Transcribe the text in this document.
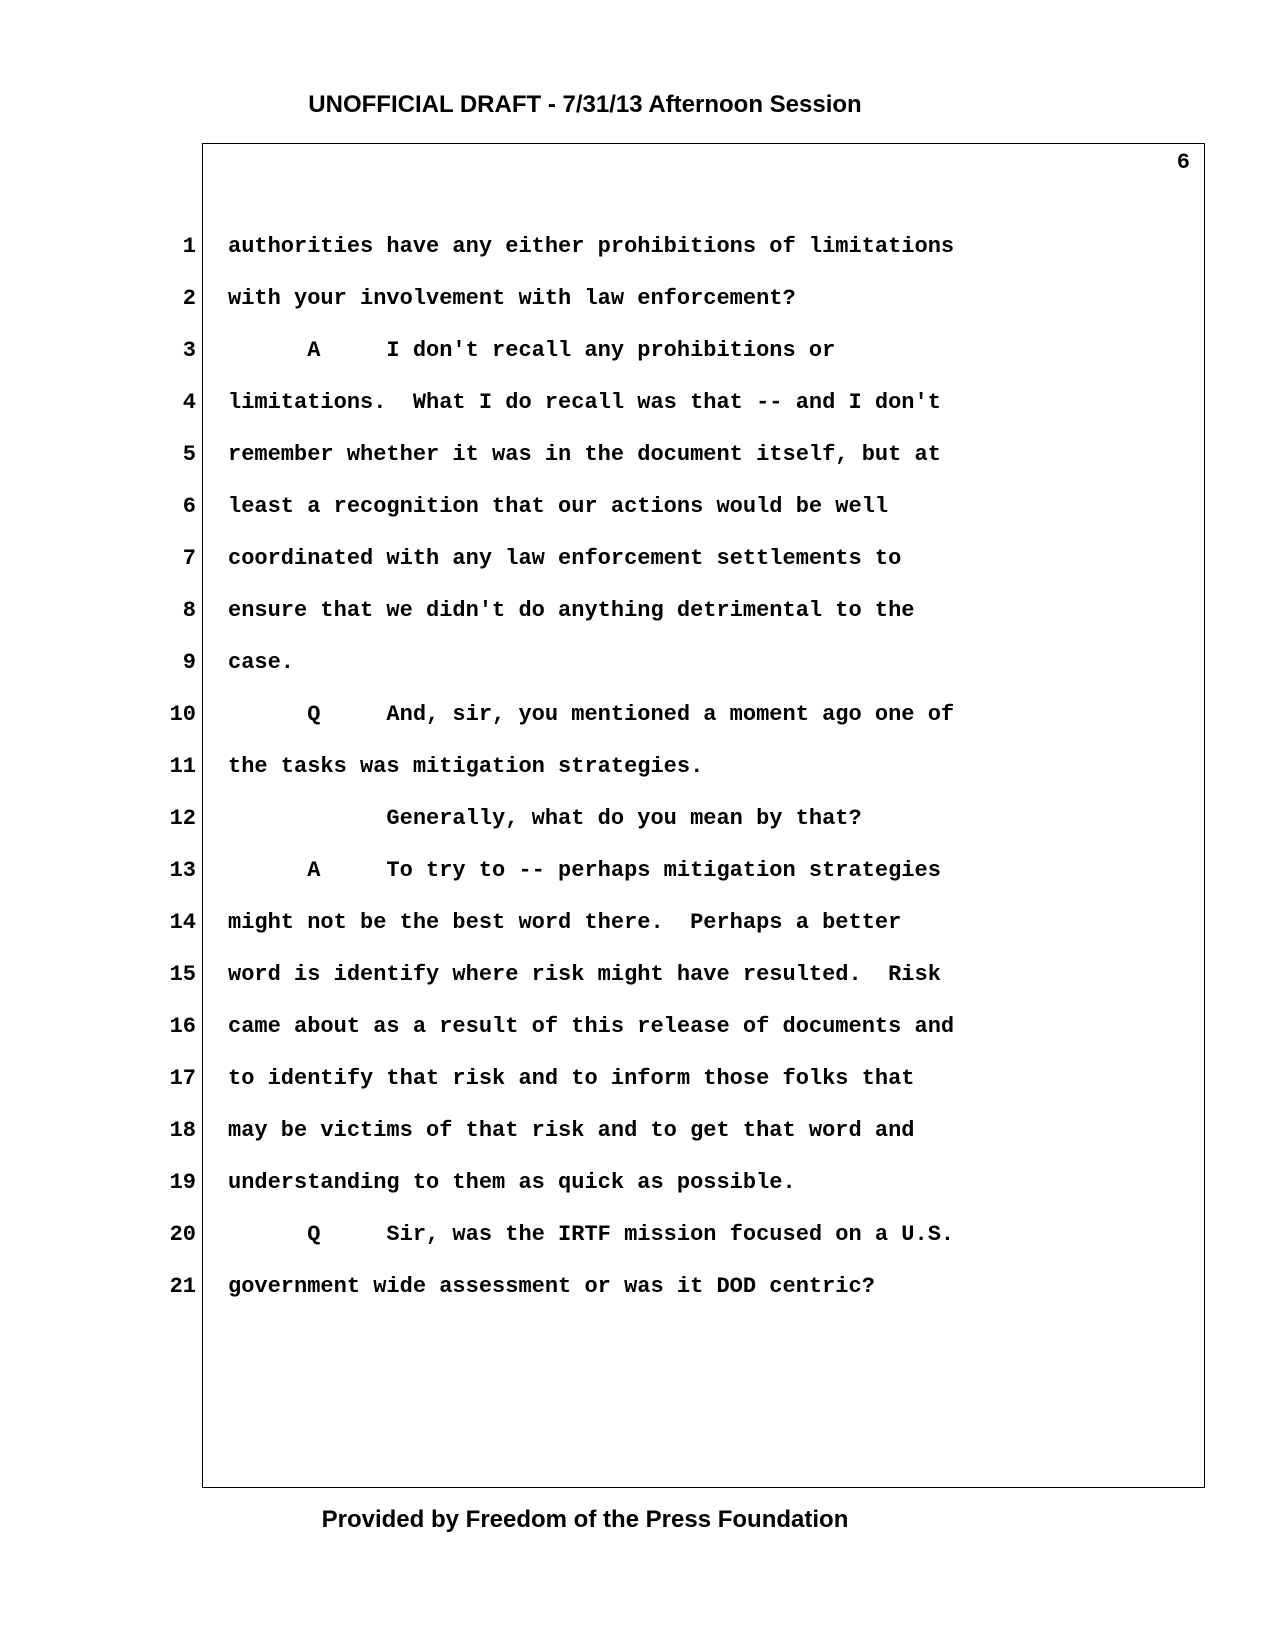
UNOFFICIAL DRAFT - 7/31/13 Afternoon Session
6
1 authorities have any either prohibitions of limitations
2 with your involvement with law enforcement?
3 A     I don't recall any prohibitions or
4 limitations.  What I do recall was that -- and I don't
5 remember whether it was in the document itself, but at
6 least a recognition that our actions would be well
7 coordinated with any law enforcement settlements to
8 ensure that we didn't do anything detrimental to the
9 case.
10 Q     And, sir, you mentioned a moment ago one of
11 the tasks was mitigation strategies.
12 Generally, what do you mean by that?
13 A     To try to -- perhaps mitigation strategies
14 might not be the best word there.  Perhaps a better
15 word is identify where risk might have resulted.  Risk
16 came about as a result of this release of documents and
17 to identify that risk and to inform those folks that
18 may be victims of that risk and to get that word and
19 understanding to them as quick as possible.
20 Q     Sir, was the IRTF mission focused on a U.S.
21 government wide assessment or was it DOD centric?
Provided by Freedom of the Press Foundation
